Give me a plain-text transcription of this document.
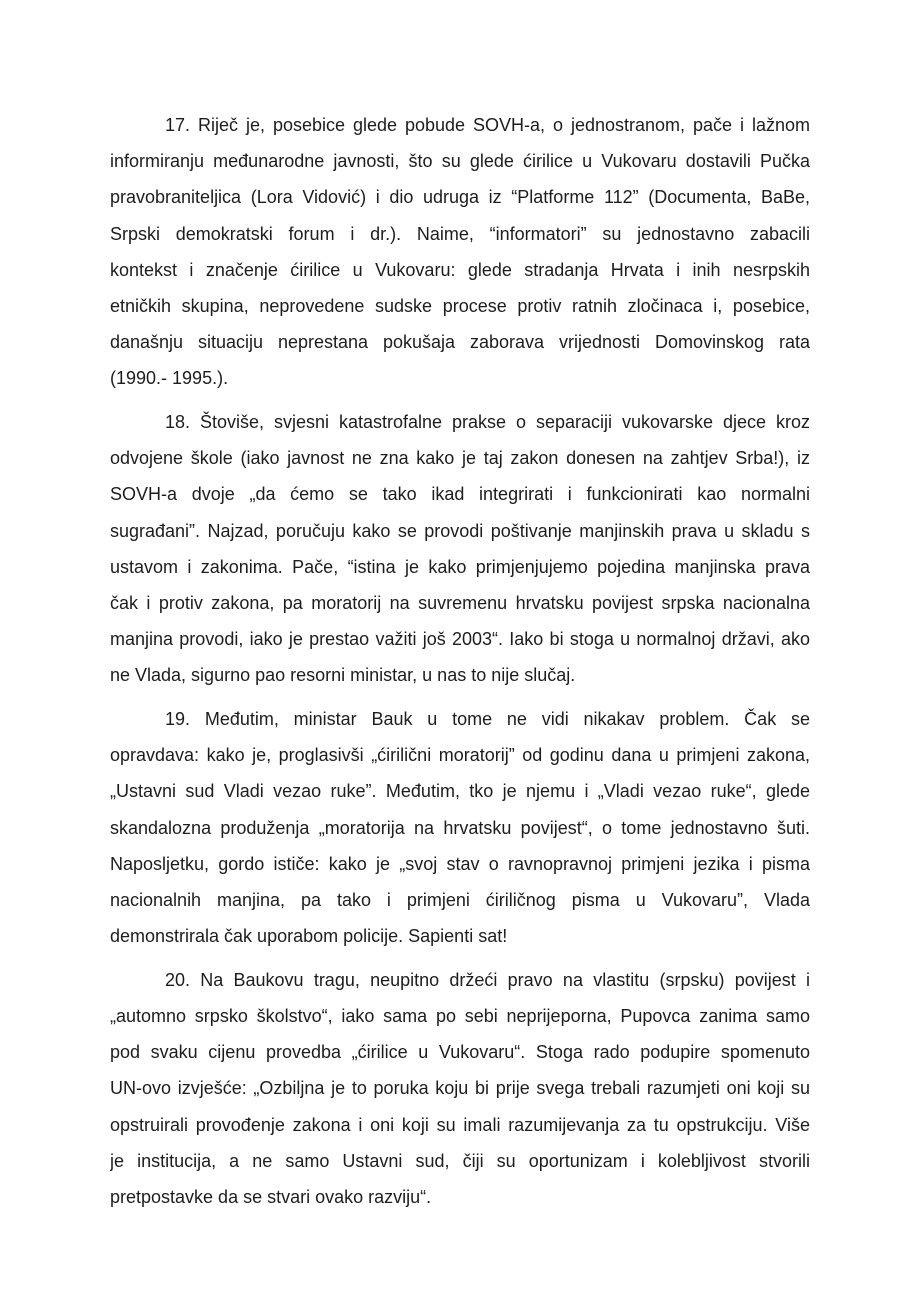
17. Riječ je, posebice glede pobude SOVH-a, o jednostranom, pače i lažnom
informiranju međunarodne javnosti, što su glede ćirilice u Vukovaru dostavili Pučka
pravobraniteljica (Lora Vidović) i dio udruga iz “Platforme 112” (Documenta, BaBe,
Srpski demokratski forum i dr.). Naime, “informatori” su jednostavno zabacili
kontekst i značenje ćirilice u Vukovaru: glede stradanja Hrvata i inih nesrpskih
etničkih skupina, neprovedene sudske procese protiv ratnih zločinaca i, posebice,
današnju situaciju neprestana pokušaja zaborava vrijednosti Domovinskog rata
(1990.- 1995.).
18. Štoviše, svjesni katastrofalne prakse o separaciji vukovarske djece kroz
odvojene škole (iako javnost ne zna kako je taj zakon donesen na zahtjev Srba!), iz
SOVH-a dvoje „da ćemo se tako ikad integrirati i funkcionirati kao normalni
sugrađani”. Najzad, poručuju kako se provodi poštivanje manjinskih prava u skladu s
ustavom i zakonima. Pače, “istina je kako primjenjujemo pojedina manjinska prava
čak i protiv zakona, pa moratorij na suvremenu hrvatsku povijest srpska nacionalna
manjina provodi, iako je prestao važiti još 2003“. Iako bi stoga u normalnoj državi, ako
ne Vlada, sigurno pao resorni ministar, u nas to nije slučaj.
19. Međutim, ministar Bauk u tome ne vidi nikakav problem. Čak se
opravdava: kako je, proglasivši „ćirilični moratorij” od godinu dana u primjeni zakona,
„Ustavni sud Vladi vezao ruke”. Međutim, tko je njemu i „Vladi vezao ruke“, glede
skandalozna produženja „moratorija na hrvatsku povijest“, o tome jednostavno šuti.
Naposljetku, gordo ističe: kako je „svoj stav o ravnopravnoj primjeni jezika i pisma
nacionalnih manjina, pa tako i primjeni ćiriličnog pisma u Vukovaru”, Vlada
demonstrirala čak uporabom policije. Sapienti sat!
20. Na Baukovu tragu, neupitno držeći pravo na vlastitu (srpsku) povijest i
„automno srpsko školstvo“, iako sama po sebi neprijeporna, Pupovca zanima samo
pod svaku cijenu provedba „ćirilice u Vukovaru“. Stoga rado podupire spomenuto
UN-ovo izvješće: „Ozbiljna je to poruka koju bi prije svega trebali razumjeti oni koji su
opstruirali provođenje zakona i oni koji su imali razumijevanja za tu opstrukciju. Više
je institucija, a ne samo Ustavni sud, čiji su oportunizam i kolebljivost stvorili
pretpostavke da se stvari ovako razviju“.
